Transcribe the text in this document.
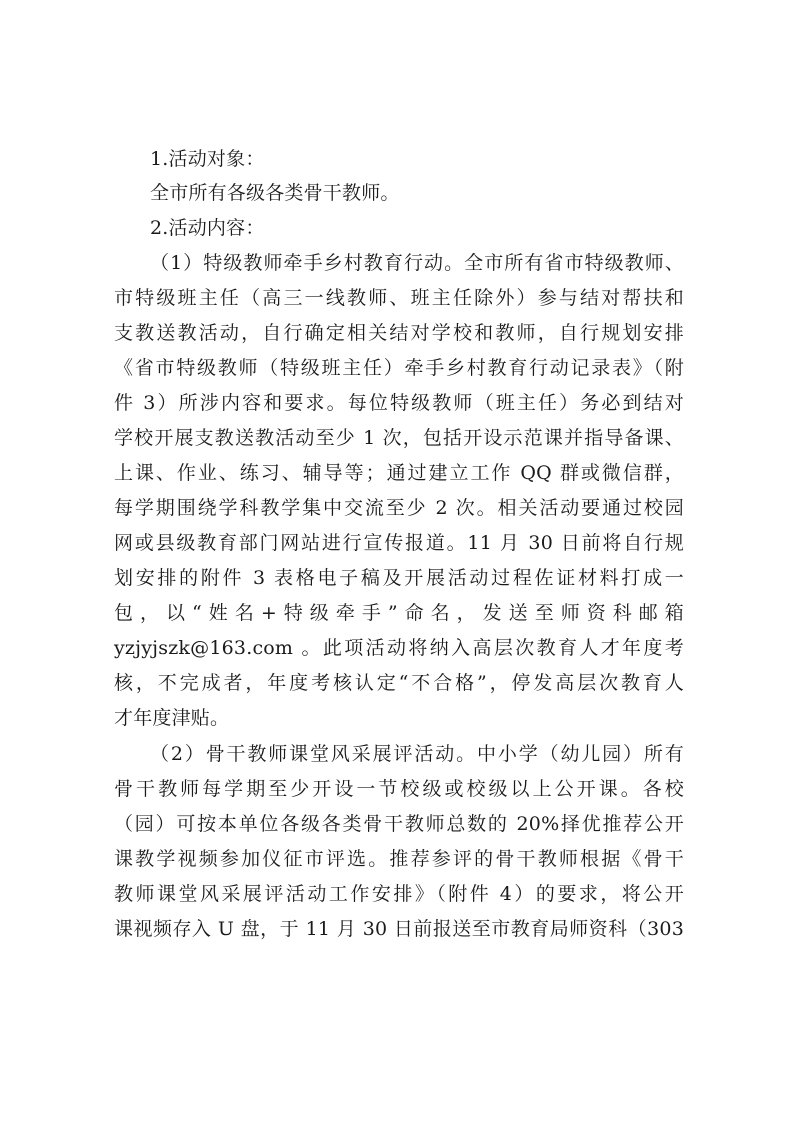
1.活动对象：
全市所有各级各类骨干教师。
2.活动内容：
（1）特级教师牵手乡村教育行动。全市所有省市特级教师、
市特级班主任（高三一线教师、班主任除外）参与结对帮扶和
支教送教活动，自行确定相关结对学校和教师，自行规划安排
《省市特级教师（特级班主任）牵手乡村教育行动记录表》（附
件 3）所涉内容和要求。每位特级教师（班主任）务必到结对
学校开展支教送教活动至少 1 次，包括开设示范课并指导备课、
上课、作业、练习、辅导等；通过建立工作 QQ 群或微信群，
每学期围绕学科教学集中交流至少 2 次。相关活动要通过校园
网或县级教育部门网站进行宣传报道。11 月 30 日前将自行规
划安排的附件 3 表格电子稿及开展活动过程佐证材料打成一
包，以“姓名+特级牵手”命名，发送至师资科邮箱
yzjyjszk@163.com 。此项活动将纳入高层次教育人才年度考
核，不完成者，年度考核认定“不合格”，停发高层次教育人
才年度津贴。
（2）骨干教师课堂风采展评活动。中小学（幼儿园）所有
骨干教师每学期至少开设一节校级或校级以上公开课。各校
（园）可按本单位各级各类骨干教师总数的 20%择优推荐公开
课教学视频参加仪征市评选。推荐参评的骨干教师根据《骨干
教师课堂风采展评活动工作安排》（附件 4）的要求，将公开
课视频存入 U 盘，于 11 月 30 日前报送至市教育局师资科（303
